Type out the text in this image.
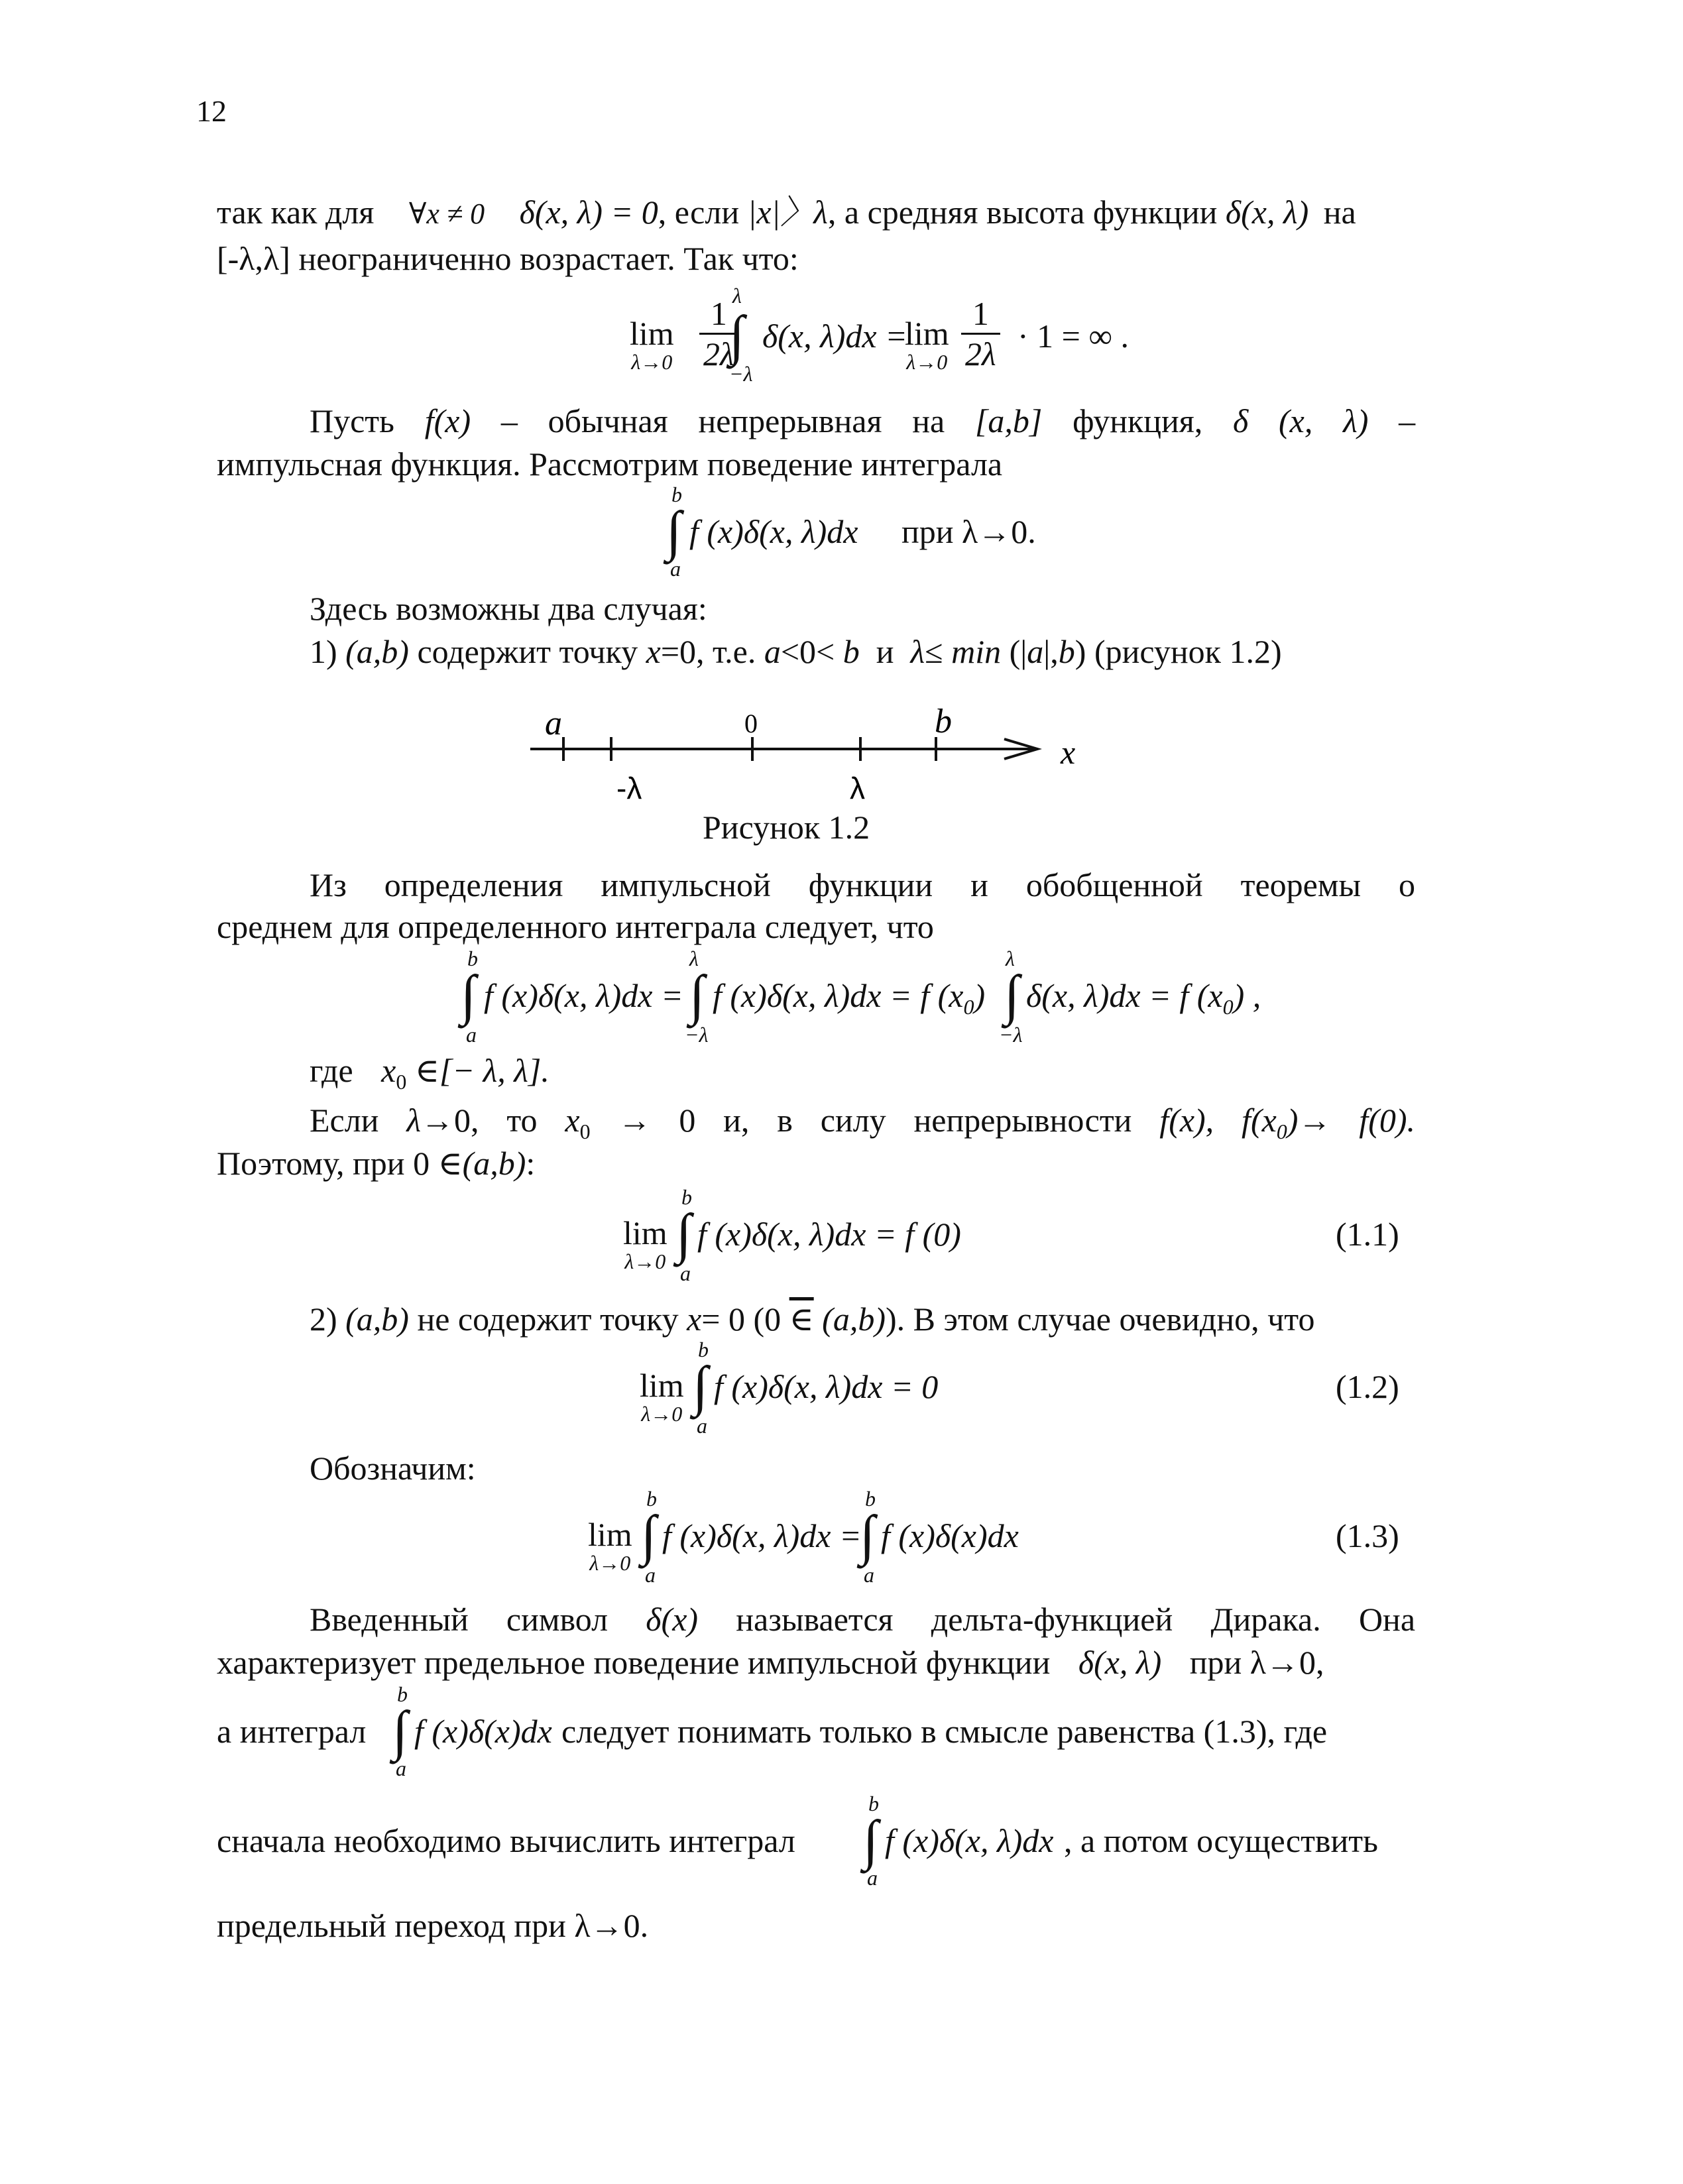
12
так как для ∀x ≠ 0 δ(x, λ) = 0, если |x|〉λ, а средняя высота функции δ(x, λ) на
[-λ,λ] неограниченно возрастает. Так что:
lim
$\lambda\to 0 \frac{1}{2\lambda}$
λ
∫
−λ
δ(x, λ)dx =
lim
$\lambda\to 0 \frac{1}{2\lambda} \cdot 1$ = ∞ .
Пусть f(x) – обычная непрерывная на [a,b] функция, δ (x, λ) –
импульсная функция. Рассмотрим поведение интеграла
b
∫
a
f (x)δ(x, λ)dx при λ→0.
Здесь возможны два случая:
1) (a,b) содержит точку x=0, т.е. a<0< b  и  λ≤ min (|a|,b) (рисунок 1.2)
a	0	b
x
-λ	λ
Рисунок 1.2
Из определения импульсной функции и обобщенной теоремы о
среднем для определенного интеграла следует, что
b
∫
a
f (x)δ(x, λ)dx =
λ
∫
−λ
f (x)δ(x, λ)dx = f $(x_0)$
λ
∫
−λ
δ(x, λ)dx = f $(x_0)$ ,
где $x_0$ ∈[− λ, λ].
Если λ→0, то $x_0 \to 0$ и, в силу непрерывности f(x), $f(x_0)\to f(0)$.
Поэтому, при 0 ∈(a,b):
lim
λ→0
b
∫
a
f (x)δ(x, λ)dx = f (0)	(1.1)
2) (a,b) не содержит точку x= 0 (0 ∈ (a,b)). В этом случае очевидно, что
lim
λ→0
b
∫
a
f (x)δ(x, λ)dx = 0	(1.2)
Обозначим:
lim
λ→0
b
∫
a
f (x)δ(x, λ)dx =
b
∫
a
f (x)δ(x)dx	(1.3)
Введенный символ δ(x) называется дельта-функцией Дирака. Она
характеризует предельное поведение импульсной функции δ(x, λ) при λ→0,
а интеграл
b
∫
a
f (x)δ(x)dx следует понимать только в смысле равенства (1.3), где
сначала необходимо вычислить интеграл
b
∫
a
f (x)δ(x, λ)dx , а потом осуществить
предельный переход при λ→0.
